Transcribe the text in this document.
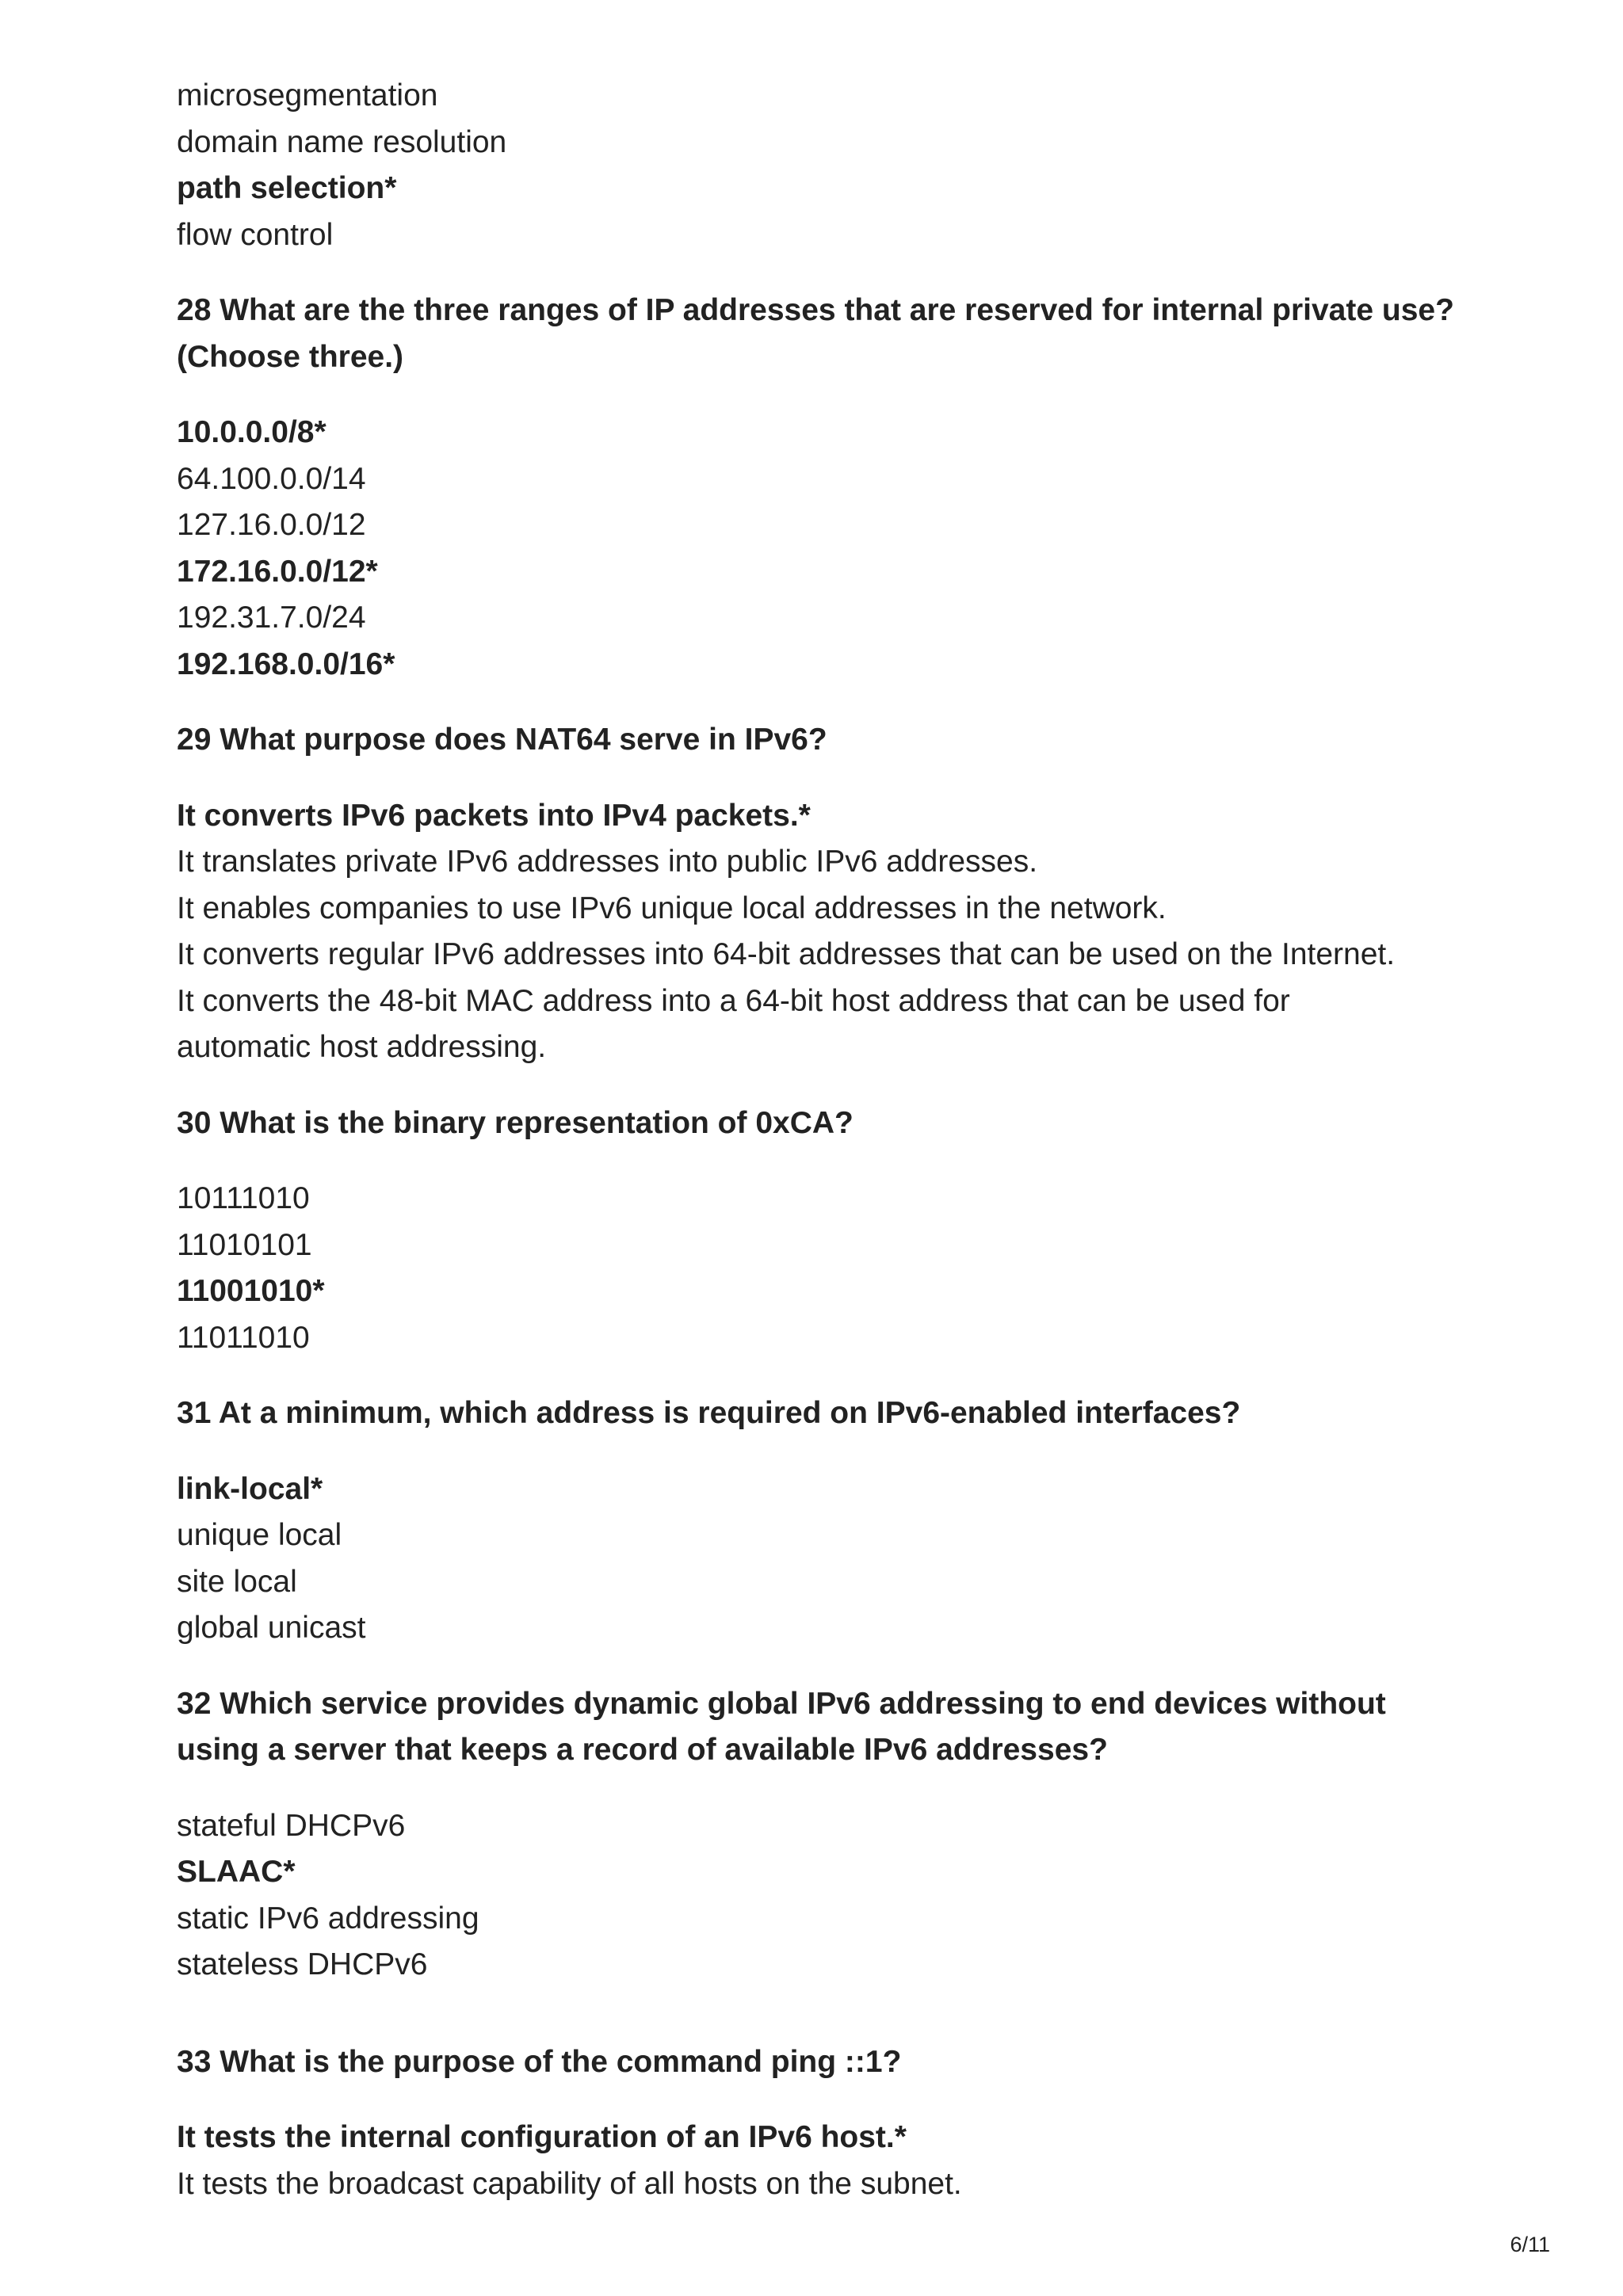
microsegmentation
domain name resolution
path selection*
flow control
28 What are the three ranges of IP addresses that are reserved for internal private use? (Choose three.)
10.0.0.0/8*
64.100.0.0/14
127.16.0.0/12
172.16.0.0/12*
192.31.7.0/24
192.168.0.0/16*
29 What purpose does NAT64 serve in IPv6?
It converts IPv6 packets into IPv4 packets.*
It translates private IPv6 addresses into public IPv6 addresses.
It enables companies to use IPv6 unique local addresses in the network.
It converts regular IPv6 addresses into 64-bit addresses that can be used on the Internet.
It converts the 48-bit MAC address into a 64-bit host address that can be used for
automatic host addressing.
30 What is the binary representation of 0xCA?
10111010
11010101
11001010*
11011010
31 At a minimum, which address is required on IPv6-enabled interfaces?
link-local*
unique local
site local
global unicast
32 Which service provides dynamic global IPv6 addressing to end devices without using a server that keeps a record of available IPv6 addresses?
stateful DHCPv6
SLAAC*
static IPv6 addressing
stateless DHCPv6
33 What is the purpose of the command ping ::1?
It tests the internal configuration of an IPv6 host.*
It tests the broadcast capability of all hosts on the subnet.
6/11
